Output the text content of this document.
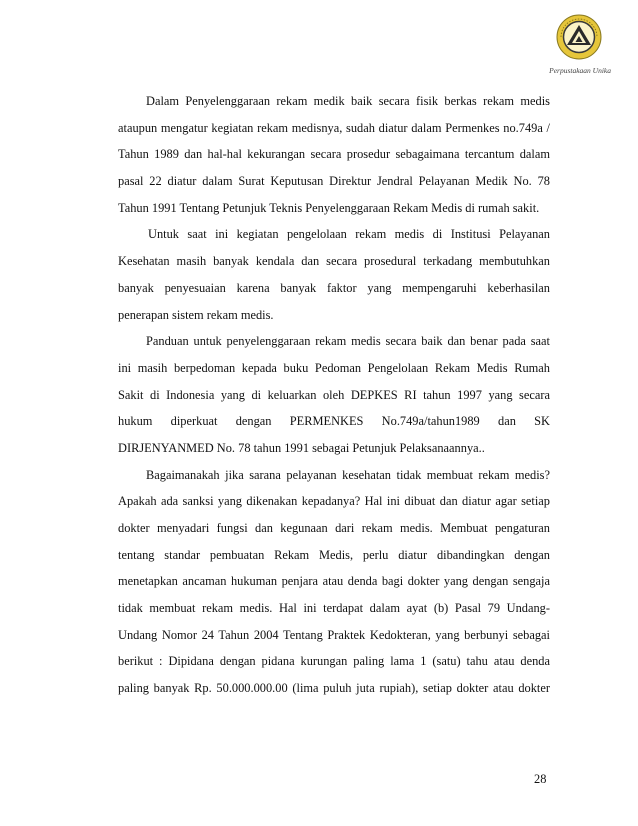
Perpustakaan Unika
Dalam Penyelenggaraan rekam medik baik secara fisik berkas rekam medis
ataupun mengatur kegiatan rekam medisnya, sudah diatur dalam Permenkes no.749a /
Tahun 1989 dan hal-hal kekurangan secara prosedur sebagaimana tercantum dalam
pasal 22 diatur dalam Surat Keputusan Direktur Jendral Pelayanan Medik No. 78
Tahun 1991 Tentang Petunjuk Teknis Penyelenggaraan Rekam Medis di rumah sakit.
Untuk saat ini kegiatan pengelolaan rekam medis di Institusi Pelayanan
Kesehatan masih banyak kendala dan secara prosedural terkadang membutuhkan
banyak penyesuaian karena banyak faktor yang mempengaruhi keberhasilan
penerapan sistem rekam medis.
Panduan untuk penyelenggaraan rekam medis secara baik dan benar pada saat
ini masih berpedoman kepada buku Pedoman Pengelolaan Rekam Medis Rumah
Sakit di Indonesia yang di keluarkan oleh DEPKES RI tahun 1997 yang secara
hukum diperkuat dengan PERMENKES No.749a/tahun1989 dan SK
DIRJENYANMED No. 78 tahun 1991 sebagai Petunjuk Pelaksanaannya..
Bagaimanakah jika sarana pelayanan kesehatan tidak membuat rekam medis?
Apakah ada sanksi yang dikenakan kepadanya? Hal ini dibuat dan diatur agar setiap
dokter menyadari fungsi dan kegunaan dari rekam medis. Membuat pengaturan
tentang standar pembuatan Rekam Medis, perlu diatur dibandingkan dengan
menetapkan ancaman hukuman penjara atau denda bagi dokter yang dengan sengaja
tidak membuat rekam medis. Hal ini terdapat dalam ayat (b) Pasal 79 Undang-
Undang Nomor 24 Tahun 2004 Tentang Praktek Kedokteran, yang berbunyi sebagai
berikut : Dipidana dengan pidana kurungan paling lama 1 (satu) tahu atau denda
paling banyak Rp. 50.000.000.00 (lima puluh juta rupiah), setiap dokter atau dokter
28
